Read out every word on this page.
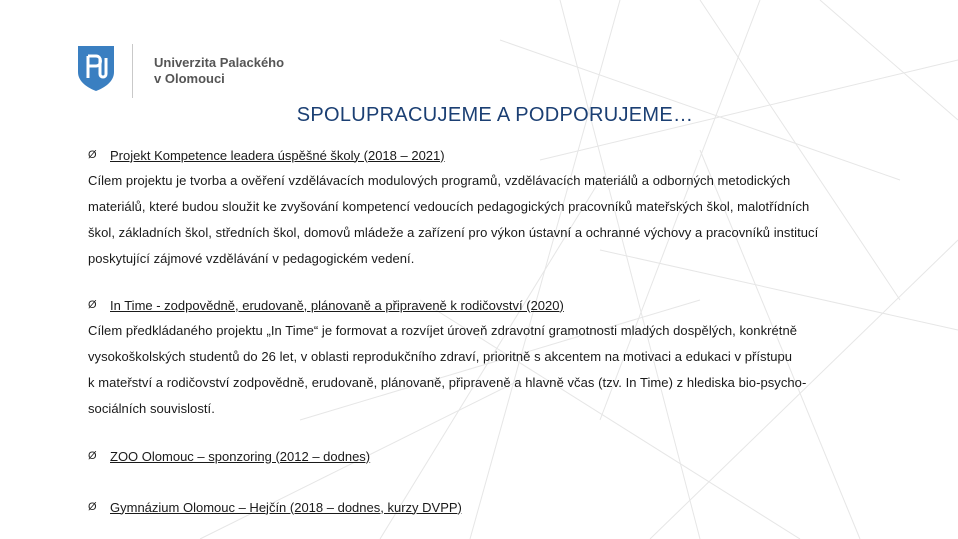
Univerzita Palackého
v Olomouci
SPOLUPRACUJEME A PODPORUJEME…
Ø	Projekt Kompetence leadera úspěšné školy (2018 – 2021)
Cílem projektu je tvorba a ověření vzdělávacích modulových programů, vzdělávacích materiálů a odborných metodických
materiálů, které budou sloužit ke zvyšování kompetencí vedoucích pedagogických pracovníků mateřských škol, malotřídních
škol, základních škol, středních škol, domovů mládeže a zařízení pro výkon ústavní a ochranné výchovy a pracovníků institucí
poskytující zájmové vzdělávání v pedagogickém vedení.
Ø	In Time - zodpovědně, erudovaně, plánovaně a připraveně k rodičovství (2020)
Cílem předkládaného projektu „In Time“ je formovat a rozvíjet úroveň zdravotní gramotnosti mladých dospělých, konkrétně
vysokoškolských studentů do 26 let, v oblasti reprodukčního zdraví, prioritně s akcentem na motivaci a edukaci v přístupu
k mateřství a rodičovství zodpovědně, erudovaně, plánovaně, připraveně a hlavně včas (tzv. In Time) z hlediska bio-psycho-
sociálních souvislostí.
Ø	ZOO Olomouc – sponzoring (2012 – dodnes)
Ø	Gymnázium Olomouc – Hejčín (2018 – dodnes, kurzy DVPP)
